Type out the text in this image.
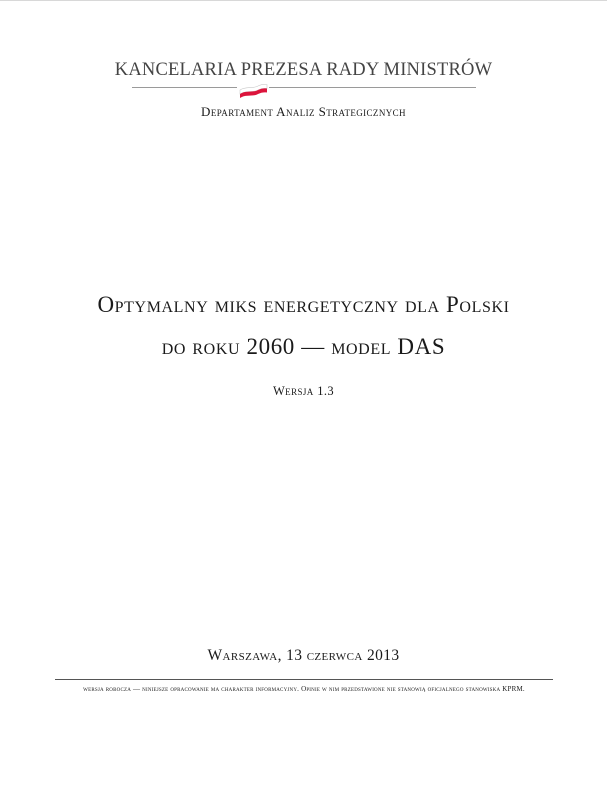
KANCELARIA PREZESA RADY MINISTRÓW
Departament Analiz Strategicznych
Optymalny miks energetyczny dla Polski
do roku 2060 — model DAS
Wersja 1.3
Warszawa, 13 czerwca 2013
wersja robocza — niniejsze opracowanie ma charakter informacyjny. Opinie w nim przedstawione nie stanowią oficjalnego stanowiska KPRM.
